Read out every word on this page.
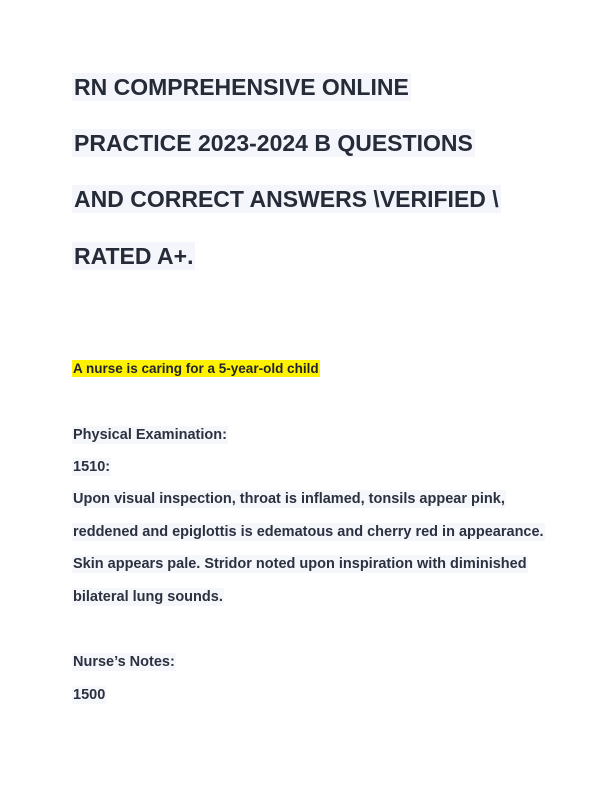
RN COMPREHENSIVE ONLINE
PRACTICE 2023-2024 B QUESTIONS
AND CORRECT ANSWERS \VERIFIED \
RATED A+.
A nurse is caring for a 5-year-old child
Physical Examination:
1510:
Upon visual inspection, throat is inflamed, tonsils appear pink,
reddened and epiglottis is edematous and cherry red in appearance.
Skin appears pale. Stridor noted upon inspiration with diminished
bilateral lung sounds.
Nurse’s Notes:
1500
